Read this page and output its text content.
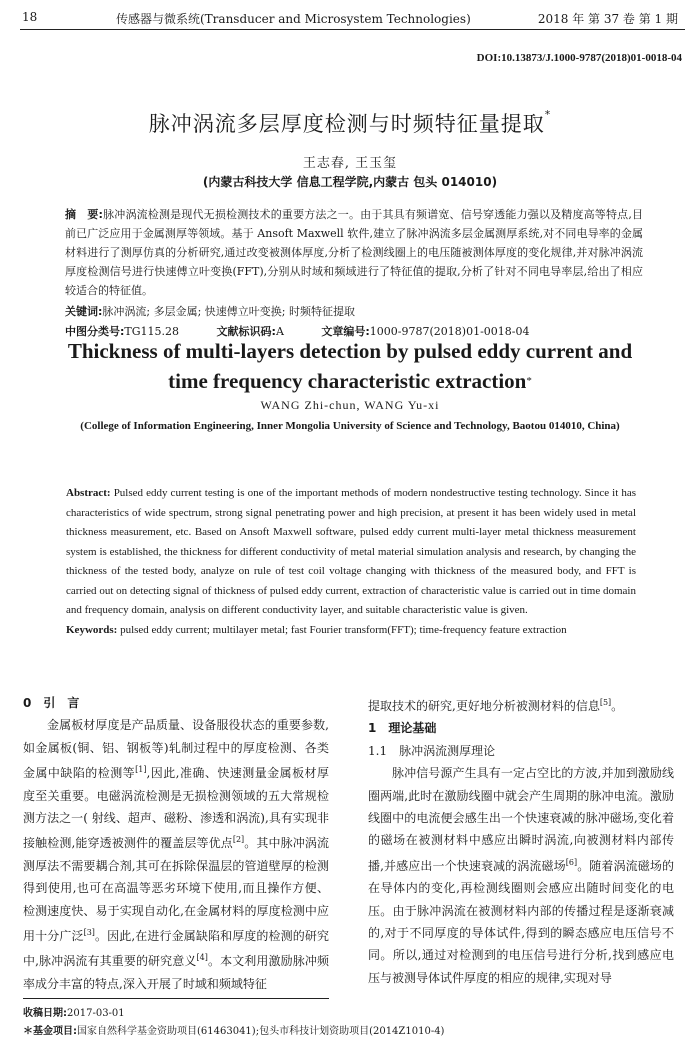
18	传感器与微系统(Transducer and Microsystem Technologies)	2018 年 第 37 卷 第 1 期
DOI:10.13873/J.1000-9787(2018)01-0018-04
脉冲涡流多层厚度检测与时频特征量提取*
王志春, 王玉玺
(内蒙古科技大学 信息工程学院,内蒙古 包头 014010)
摘　要:脉冲涡流检测是现代无损检测技术的重要方法之一。由于其具有频谱宽、信号穿透能力强以及精度高等特点,目前已广泛应用于金属测厚等领域。基于 Ansoft Maxwell 软件,建立了脉冲涡流多层金属测厚系统,对不同电导率的金属材料进行了测厚仿真的分析研究,通过改变被测体厚度,分析了检测线圈上的电压随被测体厚度的变化规律,并对脉冲涡流厚度检测信号进行快速傅立叶变换(FFT),分别从时域和频域进行了特征值的提取,分析了针对不同电导率层,给出了相应较适合的特征值。
关键词:脉冲涡流; 多层金属; 快速傅立叶变换; 时频特征提取
中图分类号:TG115.28	文献标识码:A	文章编号:1000-9787(2018)01-0018-04
Thickness of multi-layers detection by pulsed eddy current and
time frequency characteristic extraction*
WANG Zhi-chun, WANG Yu-xi
(College of Information Engineering, Inner Mongolia University of Science and Technology, Baotou 014010, China)
Abstract: Pulsed eddy current testing is one of the important methods of modern nondestructive testing technology. Since it has characteristics of wide spectrum, strong signal penetrating power and high precision, at present it has been widely used in metal thickness measurement, etc. Based on Ansoft Maxwell software, pulsed eddy current multi-layer metal thickness measurement system is established, the thickness for different conductivity of metal material simulation analysis and research, by changing the thickness of the tested body, analyze on rule of test coil voltage changing with thickness of the measured body, and FFT is carried out on detecting signal of thickness of pulsed eddy current, extraction of characteristic value is carried out in time domain and frequency domain, analysis on different conductivity layer, and suitable characteristic value is given.
Keywords: pulsed eddy current; multilayer metal; fast Fourier transform(FFT); time-frequency feature extraction
0　引　言

金属板材厚度是产品质量、设备服役状态的重要参数,如金属板(铜、铝、钢板等)轧制过程中的厚度检测、各类金属中缺陷的检测等[1],因此,准确、快速测量金属板材厚度至关重要。电磁涡流检测是无损检测领域的五大常规检测方法之一( 射线、超声、磁粉、渗透和涡流),具有实现非接触检测,能穿透被测件的覆盖层等优点[2]。其中脉冲涡流测厚法不需要耦合剂,其可在拆除保温层的管道壁厚的检测得到使用,也可在高温等恶劣环境下使用,而且操作方便、检测速度快、易于实现自动化,在金属材料的厚度检测中应用十分广泛[3]。因此,在进行金属缺陷和厚度的检测的研究中,脉冲涡流有其重要的研究意义[4]。本文利用激励脉冲频率成分丰富的特点,深入开展了时域和频域特征

提取技术的研究,更好地分析被测材料的信息[5]。

1　理论基础
1.1　脉冲涡流测厚理论

脉冲信号源产生具有一定占空比的方波,并加到激励线圈两端,此时在激励线圈中就会产生周期的脉冲电流。激励线圈中的电流便会感生出一个快速衰减的脉冲磁场,变化着的磁场在被测材料中感应出瞬时涡流,向被测材料内部传播,并感应出一个快速衰减的涡流磁场[6]。随着涡流磁场的在导体内的变化,再检测线圈则会感应出随时间变化的电压。由于脉冲涡流在被测材料内部的传播过程是逐渐衰减的,对于不同厚度的导体试件,得到的瞬态感应电压信号不同。所以,通过对检测到的电压信号进行分析,找到感应电压与被测导体试件厚度的相应的规律,实现对导

收稿日期:2017-03-01
＊基金项目:国家自然科学基金资助项目(61463041);包头市科技计划资助项目(2014Z1010-4)
